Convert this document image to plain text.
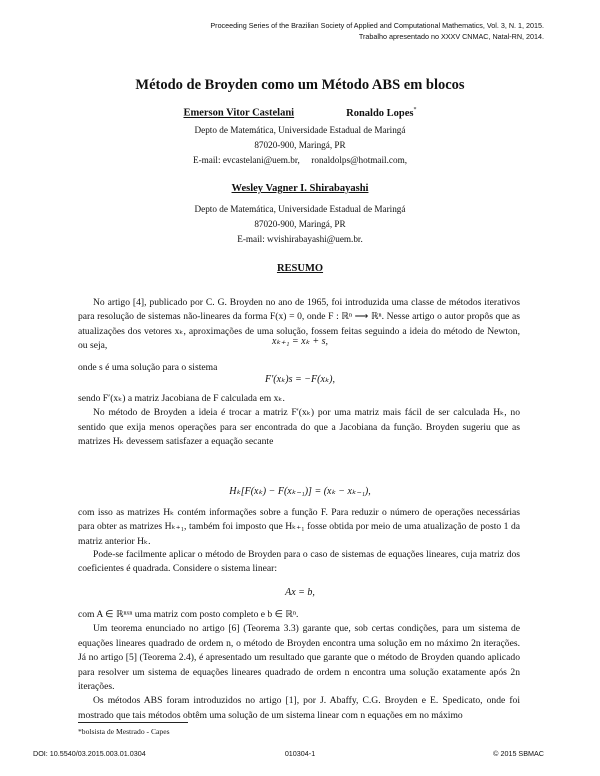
Proceeding Series of the Brazilian Society of Applied and Computational Mathematics, Vol. 3, N. 1, 2015.
Trabalho apresentado no XXXV CNMAC, Natal-RN, 2014.
Método de Broyden como um Método ABS em blocos
Emerson Vitor Castelani	Ronaldo Lopes*
Depto de Matemática, Universidade Estadual de Maringá
87020-900, Maringá, PR
E-mail: evcastelani@uem.br,     ronaldolps@hotmail.com,
Wesley Vagner I. Shirabayashi
Depto de Matemática, Universidade Estadual de Maringá
87020-900, Maringá, PR
E-mail: wvishirabayashi@uem.br.
RESUMO
No artigo [4], publicado por C. G. Broyden no ano de 1965, foi introduzida uma classe de métodos iterativos para resolução de sistemas não-lineares da forma F(x) = 0, onde F : ℝⁿ ⟶ ℝⁿ. Nesse artigo o autor propôs que as atualizações dos vetores xₖ, aproximações de uma solução, fossem feitas seguindo a ideia do método de Newton, ou seja,	xₖ₊₁ = xₖ + s,
onde s é uma solução para o sistema
F′(xₖ)s = −F(xₖ),
sendo F′(xₖ) a matriz Jacobiana de F calculada em xₖ.
No método de Broyden a ideia é trocar a matriz F′(xₖ) por uma matriz mais fácil de ser calculada Hₖ, no sentido que exija menos operações para ser encontrada do que a Jacobiana da função. Broyden sugeriu que as matrizes Hₖ devessem satisfazer a equação secante
Hₖ[F(xₖ) − F(xₖ₋₁)] = (xₖ − xₖ₋₁),
com isso as matrizes Hₖ contém informações sobre a função F. Para reduzir o número de operações necessárias para obter as matrizes Hₖ₊₁, também foi imposto que Hₖ₊₁ fosse obtida por meio de uma atualização de posto 1 da matriz anterior Hₖ.
Pode-se facilmente aplicar o método de Broyden para o caso de sistemas de equações lineares, cuja matriz dos coeficientes é quadrada. Considere o sistema linear:
Ax = b,
com A ∈ ℝⁿˣⁿ uma matriz com posto completo e b ∈ ℝⁿ.
Um teorema enunciado no artigo [6] (Teorema 3.3) garante que, sob certas condições, para um sistema de equações lineares quadrado de ordem n, o método de Broyden encontra uma solução em no máximo 2n iterações. Já no artigo [5] (Teorema 2.4), é apresentado um resultado que garante que o método de Broyden quando aplicado para resolver um sistema de equações lineares quadrado de ordem n encontra uma solução exatamente após 2n iterações.
Os métodos ABS foram introduzidos no artigo [1], por J. Abaffy, C.G. Broyden e E. Spedicato, onde foi mostrado que tais métodos obtêm uma solução de um sistema linear com n equações em no máximo
*bolsista de Mestrado - Capes
DOI: 10.5540/03.2015.003.01.0304	010304-1	© 2015 SBMAC
